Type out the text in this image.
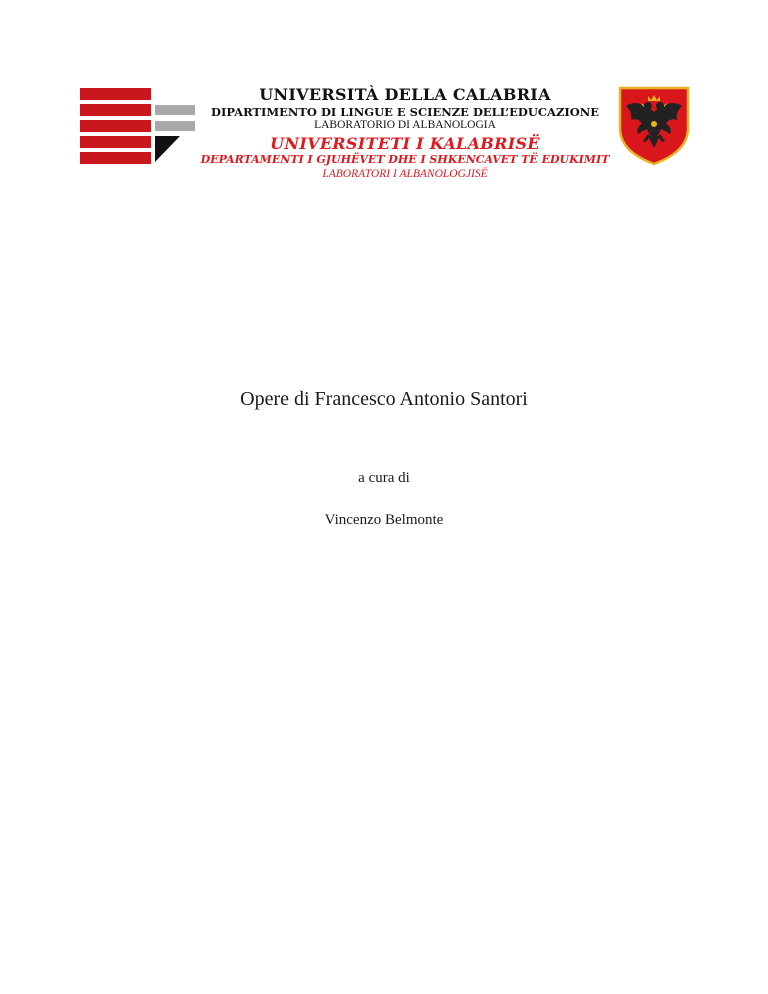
UNIVERSITÀ DELLA CALABRIA
DIPARTIMENTO DI LINGUE E SCIENZE DELL’EDUCAZIONE
LABORATORIO DI ALBANOLOGIA
UNIVERSITETI I KALABRISË
DEPARTAMENTI I GJUHËVET DHE I SHKENCAVET TË EDUKIMIT
LABORATORI I ALBANOLOGJISË
Opere di Francesco Antonio Santori
a cura di
Vincenzo Belmonte
